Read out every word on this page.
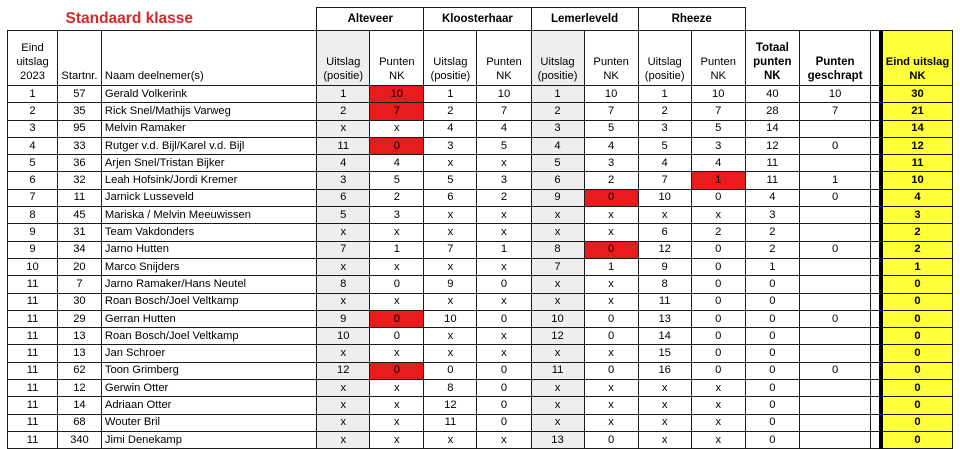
Standaard klasse			Alteveer		Kloosterhaar		Lemerleveld		Rheeze					
Eind uitslag 2023	Startnr.	Naam deelnemer(s)	Uitslag (positie)	Punten NK	Uitslag (positie)	Punten NK	Uitslag (positie)	Punten NK	Uitslag (positie)	Punten NK	Totaal punten NK	Punten geschrapt		Eind uitslag NK
1	57	Gerald Volkerink	1	10	1	10	1	10	1	10	40	10		30
2	35	Rick Snel/Mathijs Varweg	2	7	2	7	2	7	2	7	28	7		21
3	95	Melvin Ramaker	x	x	4	4	3	5	3	5	14			14
4	33	Rutger v.d. Bijl/Karel v.d. Bijl	11	0	3	5	4	4	5	3	12	0		12
5	36	Arjen Snel/Tristan Bijker	4	4	x	x	5	3	4	4	11			11
6	32	Leah Hofsink/Jordi Kremer	3	5	5	3	6	2	7	1	11	1		10
7	11	Jarnick Lusseveld	6	2	6	2	9	0	10	0	4	0		4
8	45	Mariska / Melvin Meeuwissen	5	3	x	x	x	x	x	x	3			3
9	31	Team Vakdonders	x	x	x	x	x	x	6	2	2			2
9	34	Jarno Hutten	7	1	7	1	8	0	12	0	2	0		2
10	20	Marco Snijders	x	x	x	x	7	1	9	0	1			1
11	7	Jarno Ramaker/Hans Neutel	8	0	9	0	x	x	8	0	0			0
11	30	Roan Bosch/Joel Veltkamp	x	x	x	x	x	x	11	0	0			0
11	29	Gerran Hutten	9	0	10	0	10	0	13	0	0	0		0
11	13	Roan Bosch/Joel Veltkamp	10	0	x	x	12	0	14	0	0			0
11	13	Jan Schroer	x	x	x	x	x	x	15	0	0			0
11	62	Toon Grimberg	12	0	0	0	11	0	16	0	0	0		0
11	12	Gerwin Otter	x	x	8	0	x	x	x	x	0			0
11	14	Adriaan Otter	x	x	12	0	x	x	x	x	0			0
11	68	Wouter Bril	x	x	11	0	x	x	x	x	0			0
11	340	Jimi Denekamp	x	x	x	x	13	0	x	x	0			0
